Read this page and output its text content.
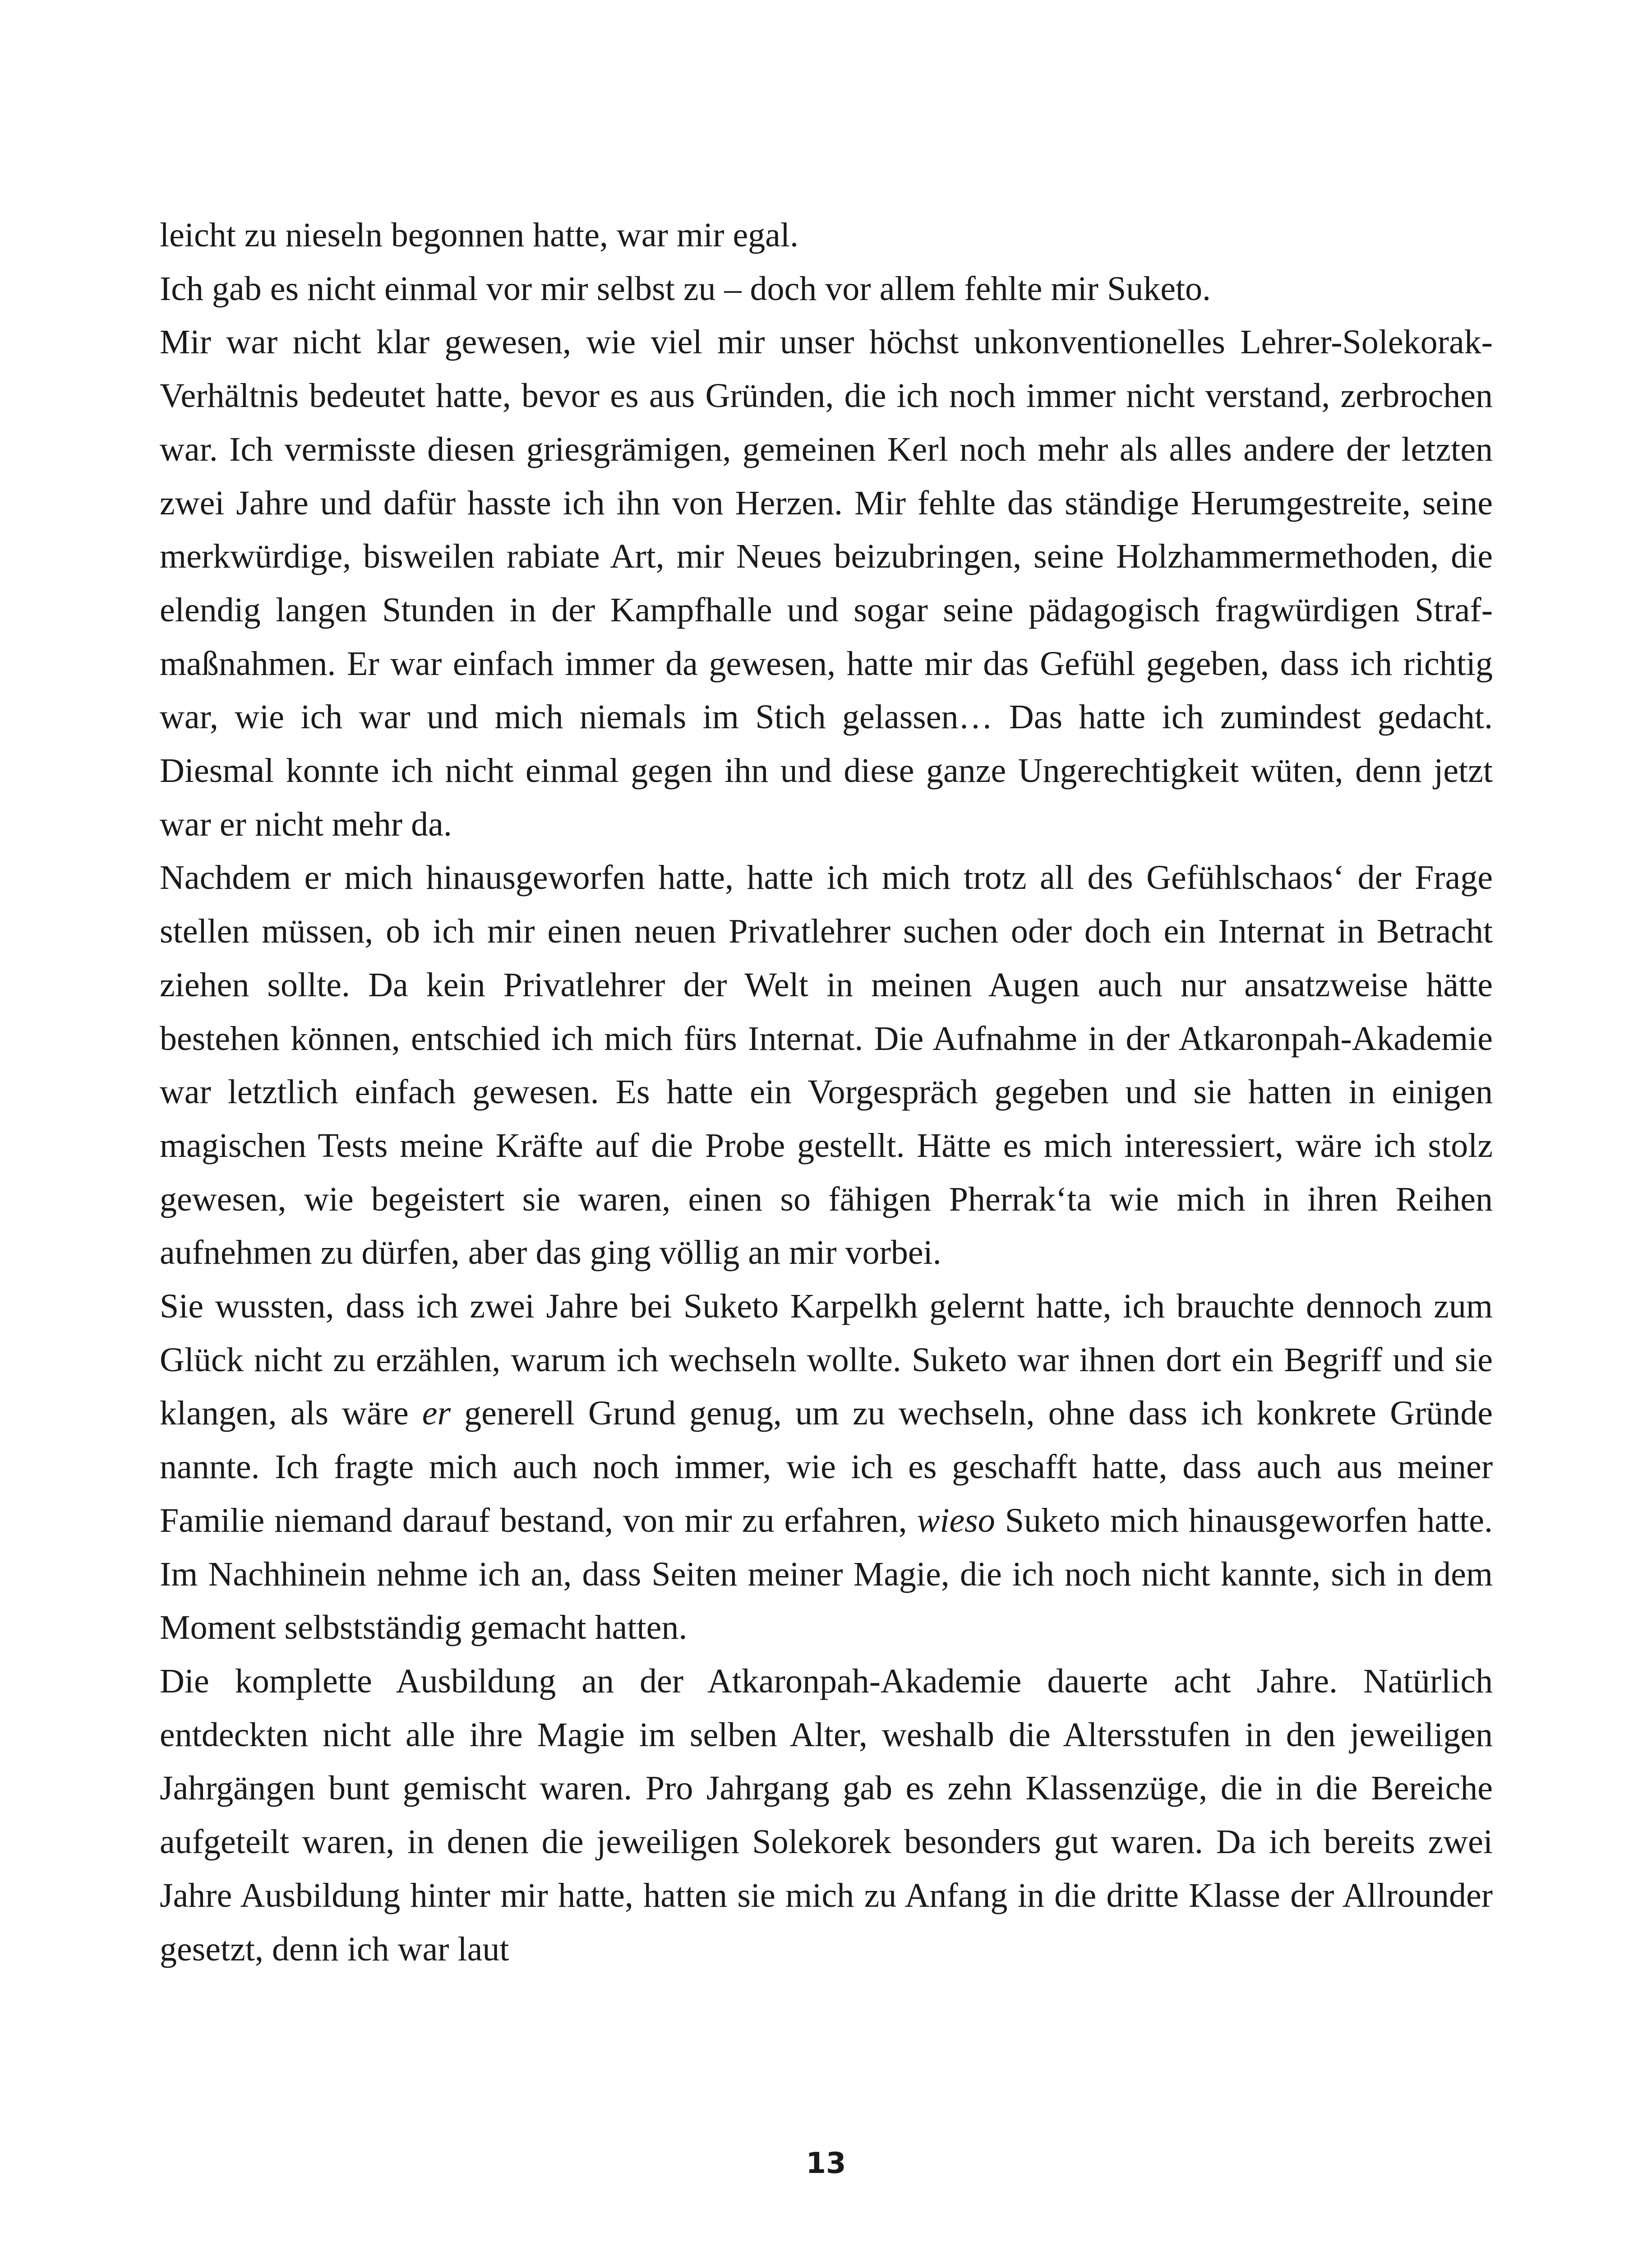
leicht zu nieseln begonnen hatte, war mir egal.

Ich gab es nicht einmal vor mir selbst zu – doch vor allem fehlte mir Suketo.

Mir war nicht klar gewesen, wie viel mir unser höchst unkonventionelles Lehrer-Solekorak-Verhältnis bedeutet hatte, bevor es aus Gründen, die ich noch immer nicht verstand, zerbrochen war. Ich vermisste diesen griesgrämigen, gemeinen Kerl noch mehr als alles andere der letzten zwei Jahre und dafür hasste ich ihn von Herzen. Mir fehlte das ständige Herumgestreite, seine merkwürdige, bisweilen rabiate Art, mir Neues beizubringen, seine Holzhammermethoden, die elendig langen Stunden in der Kampfhalle und sogar seine pädagogisch fragwürdigen Strafmaßnahmen. Er war einfach immer da gewesen, hatte mir das Gefühl gegeben, dass ich richtig war, wie ich war und mich niemals im Stich gelassen… Das hatte ich zumindest gedacht. Diesmal konnte ich nicht einmal gegen ihn und diese ganze Ungerechtigkeit wüten, denn jetzt war er nicht mehr da.

Nachdem er mich hinausgeworfen hatte, hatte ich mich trotz all des Gefühlschaos‘ der Frage stellen müssen, ob ich mir einen neuen Privatlehrer suchen oder doch ein Internat in Betracht ziehen sollte. Da kein Privatlehrer der Welt in meinen Augen auch nur ansatzweise hätte bestehen können, entschied ich mich fürs Internat. Die Aufnahme in der Atkaronpah-Akademie war letztlich einfach gewesen. Es hatte ein Vorgespräch gegeben und sie hatten in einigen magischen Tests meine Kräfte auf die Probe gestellt. Hätte es mich interessiert, wäre ich stolz gewesen, wie begeistert sie waren, einen so fähigen Pherrak‘ta wie mich in ihren Reihen aufnehmen zu dürfen, aber das ging völlig an mir vorbei.

Sie wussten, dass ich zwei Jahre bei Suketo Karpelkh gelernt hatte, ich brauchte dennoch zum Glück nicht zu erzählen, warum ich wechseln wollte. Suketo war ihnen dort ein Begriff und sie klangen, als wäre er generell Grund genug, um zu wechseln, ohne dass ich konkrete Gründe nannte. Ich fragte mich auch noch immer, wie ich es geschafft hatte, dass auch aus meiner Familie niemand darauf bestand, von mir zu erfahren, wieso Suketo mich hinausgeworfen hatte. Im Nachhinein nehme ich an, dass Seiten meiner Magie, die ich noch nicht kannte, sich in dem Moment selbstständig gemacht hatten.

Die komplette Ausbildung an der Atkaronpah-Akademie dauerte acht Jahre. Natürlich entdeckten nicht alle ihre Magie im selben Alter, weshalb die Altersstufen in den jeweiligen Jahrgängen bunt gemischt waren. Pro Jahrgang gab es zehn Klassenzüge, die in die Bereiche aufgeteilt waren, in denen die jeweiligen Solekorek besonders gut waren. Da ich bereits zwei Jahre Ausbildung hinter mir hatte, hatten sie mich zu Anfang in die dritte Klasse der Allrounder gesetzt, denn ich war laut

13
